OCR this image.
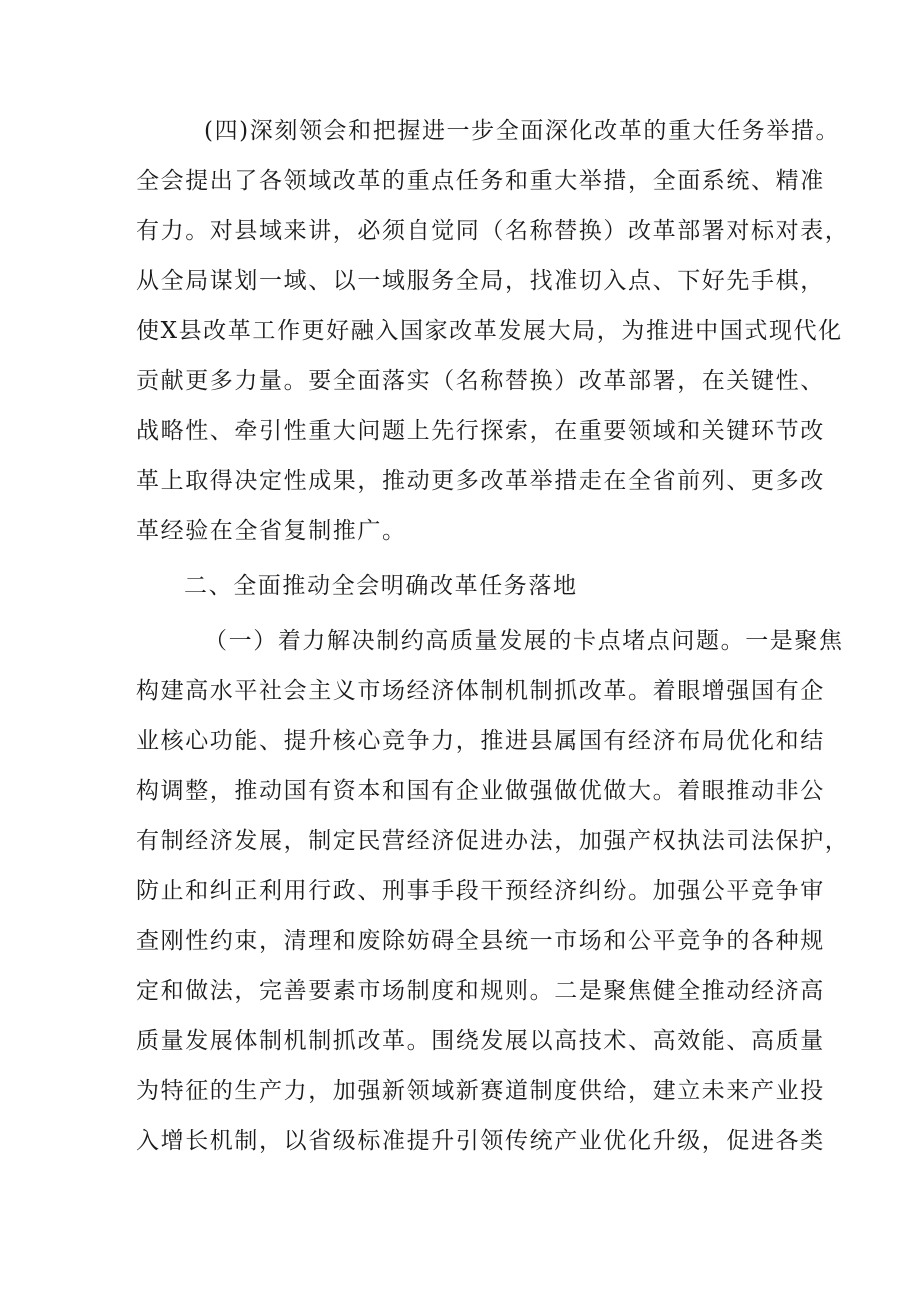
(四)深刻领会和把握进一步全面深化改革的重大任务举措。
全会提出了各领域改革的重点任务和重大举措，全面系统、精准
有力。对县域来讲，必须自觉同（名称替换）改革部署对标对表，
从全局谋划一域、以一域服务全局，找准切入点、下好先手棋，
使X县改革工作更好融入国家改革发展大局，为推进中国式现代化
贡献更多力量。要全面落实（名称替换）改革部署，在关键性、
战略性、牵引性重大问题上先行探索，在重要领域和关键环节改
革上取得决定性成果，推动更多改革举措走在全省前列、更多改
革经验在全省复制推广。
二、全面推动全会明确改革任务落地
（一）着力解决制约高质量发展的卡点堵点问题。一是聚焦
构建高水平社会主义市场经济体制机制抓改革。着眼增强国有企
业核心功能、提升核心竞争力，推进县属国有经济布局优化和结
构调整，推动国有资本和国有企业做强做优做大。着眼推动非公
有制经济发展，制定民营经济促进办法，加强产权执法司法保护，
防止和纠正利用行政、刑事手段干预经济纠纷。加强公平竞争审
查刚性约束，清理和废除妨碍全县统一市场和公平竞争的各种规
定和做法，完善要素市场制度和规则。二是聚焦健全推动经济高
质量发展体制机制抓改革。围绕发展以高技术、高效能、高质量
为特征的生产力，加强新领域新赛道制度供给，建立未来产业投
入增长机制，以省级标准提升引领传统产业优化升级，促进各类
